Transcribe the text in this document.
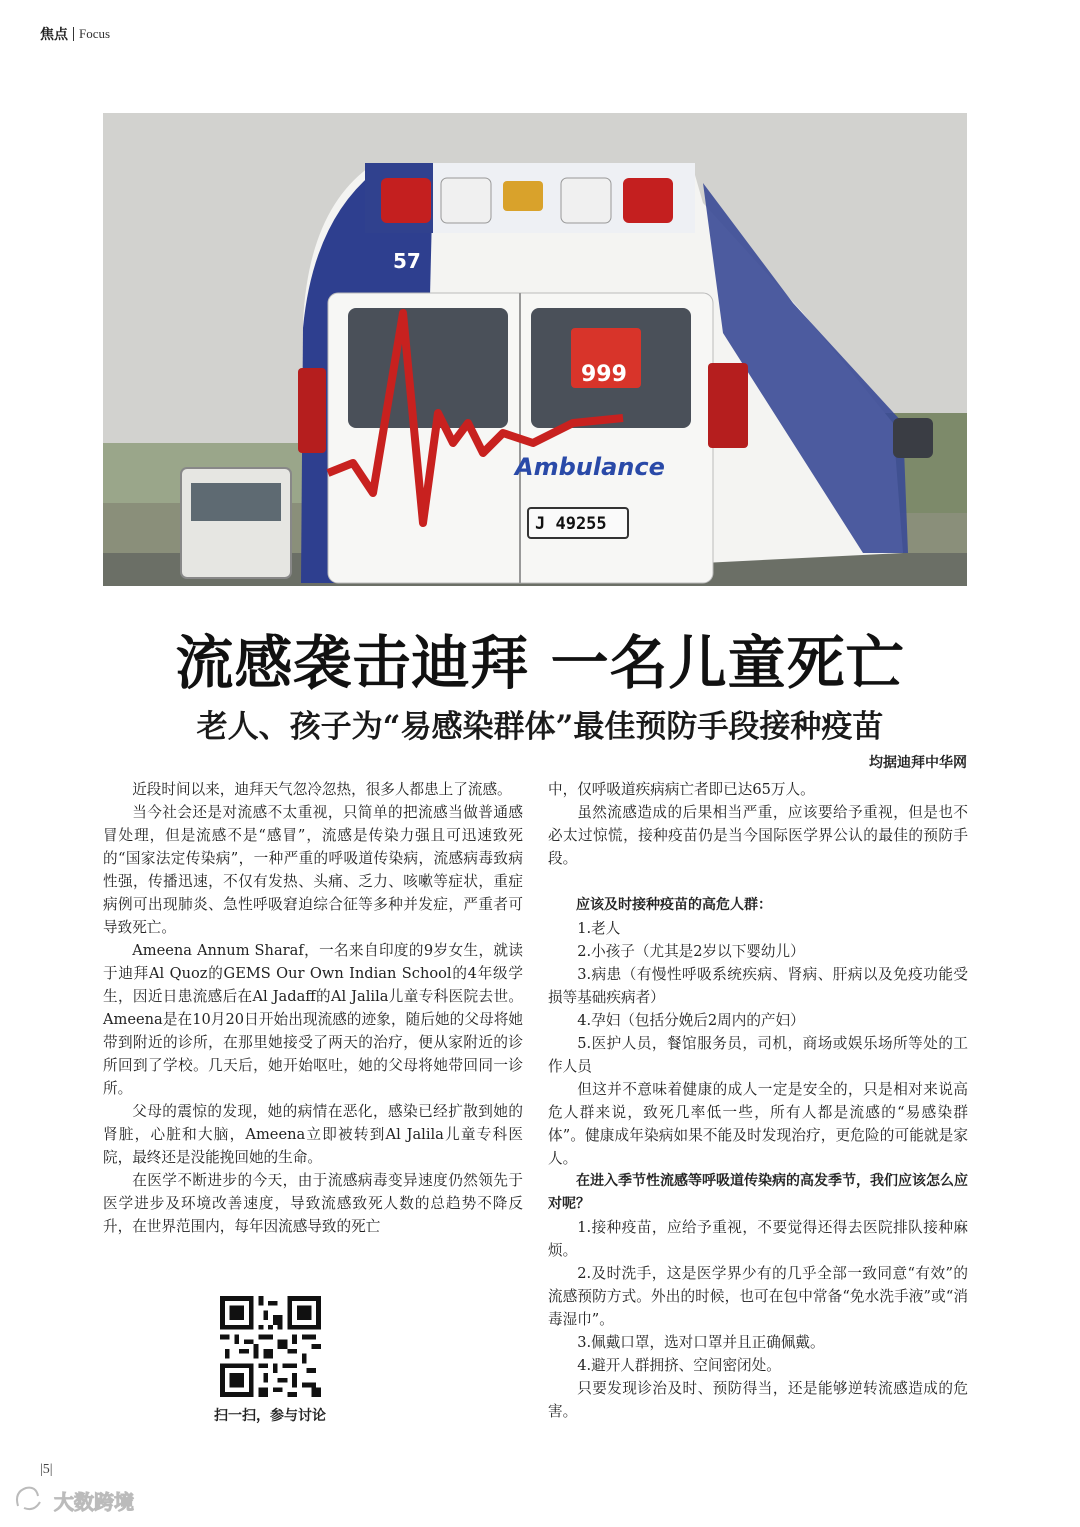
焦点 Focus
57
999
Ambulance
J 49255
流感袭击迪拜 一名儿童死亡
老人、孩子为“易感染群体”最佳预防手段接种疫苗
均据迪拜中华网

近段时间以来，迪拜天气忽冷忽热，很多人都患上了流感。

当今社会还是对流感不太重视，只简单的把流感当做普通感冒处理，但是流感不是“感冒”，流感是传染力强且可迅速致死的“国家法定传染病”，一种严重的呼吸道传染病，流感病毒致病性强，传播迅速，不仅有发热、头痛、乏力、咳嗽等症状，重症病例可出现肺炎、急性呼吸窘迫综合征等多种并发症，严重者可导致死亡。

Ameena Annum Sharaf，一名来自印度的9岁女生，就读于迪拜Al Quoz的GEMS Our Own Indian School的4年级学生，因近日患流感后在Al Jadaff的Al Jalila儿童专科医院去世。Ameena是在10月20日开始出现流感的迹象，随后她的父母将她带到附近的诊所，在那里她接受了两天的治疗，便从家附近的诊所回到了学校。几天后，她开始呕吐，她的父母将她带回同一诊所。

父母的震惊的发现，她的病情在恶化，感染已经扩散到她的肾脏，心脏和大脑，Ameena立即被转到Al Jalila儿童专科医院，最终还是没能挽回她的生命。

在医学不断进步的今天，由于流感病毒变异速度仍然领先于医学进步及环境改善速度，导致流感致死人数的总趋势不降反升，在世界范围内，每年因流感导致的死亡

中，仅呼吸道疾病病亡者即已达65万人。

虽然流感造成的后果相当严重，应该要给予重视，但是也不必太过惊慌，接种疫苗仍是当今国际医学界公认的最佳的预防手段。

应该及时接种疫苗的高危人群：

1.老人

2.小孩子（尤其是2岁以下婴幼儿）

3.病患（有慢性呼吸系统疾病、肾病、肝病以及免疫功能受损等基础疾病者）

4.孕妇（包括分娩后2周内的产妇）

5.医护人员，餐馆服务员，司机，商场或娱乐场所等处的工作人员

但这并不意味着健康的成人一定是安全的，只是相对来说高危人群来说，致死几率低一些，所有人都是流感的“易感染群体”。健康成年染病如果不能及时发现治疗，更危险的可能就是家人。

在进入季节性流感等呼吸道传染病的高发季节，我们应该怎么应对呢？

1.接种疫苗，应给予重视，不要觉得还得去医院排队接种麻烦。

2.及时洗手，这是医学界少有的几乎全部一致同意“有效”的流感预防方式。外出的时候，也可在包中常备“免水洗手液”或“消毒湿巾”。

3.佩戴口罩，选对口罩并且正确佩戴。

4.避开人群拥挤、空间密闭处。

只要发现诊治及时、预防得当，还是能够逆转流感造成的危害。

扫一扫，参与讨论
|5|
大数跨境
